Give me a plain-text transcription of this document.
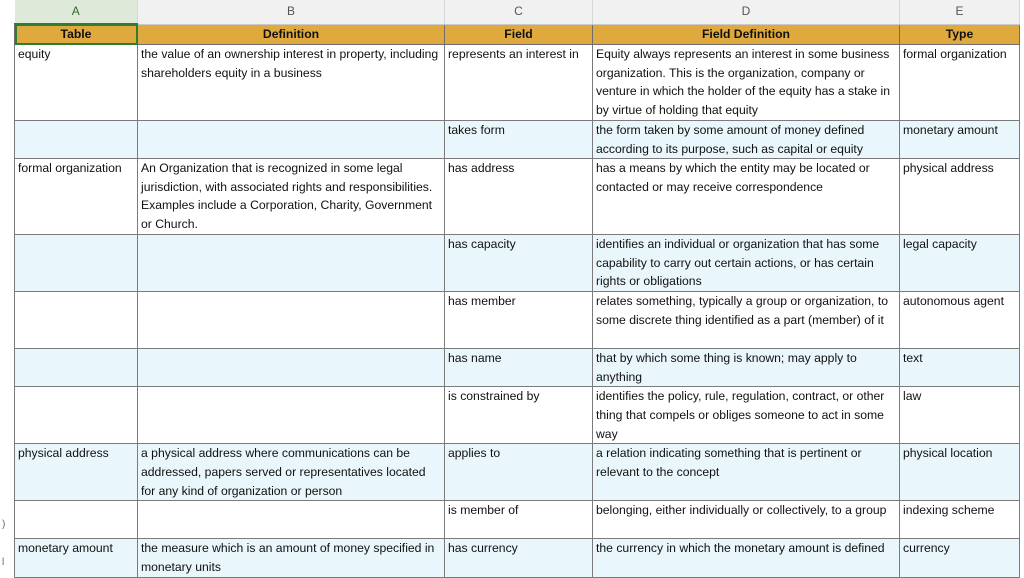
A	B	C	D	E
Table	Definition	Field	Field Definition	Type
equity	the value of an ownership interest in property, including shareholders equity in a business	represents an interest in	Equity always represents an interest in some business organization. This is the organization, company or venture in which the holder of the equity has a stake in by virtue of holding that equity	formal organization
		takes form	the form taken by some amount of money defined according to its purpose, such as capital or equity	monetary amount
formal organization	An Organization that is recognized in some legal jurisdiction, with associated rights and responsibilities. Examples include a Corporation, Charity, Government or Church.	has address	has a means by which the entity may be located or contacted or may receive correspondence	physical address
		has capacity	identifies an individual or organization that has some capability to carry out certain actions, or has certain rights or obligations	legal capacity
		has member	relates something, typically a group or organization, to some discrete thing identified as a part (member) of it	autonomous agent
		has name	that by which some thing is known; may apply to anything	text
		is constrained by	identifies the policy, rule, regulation, contract, or other thing that compels or obliges someone to act in some way	law
physical address	a physical address where communications can be addressed, papers served or representatives located for any kind of organization or person	applies to	a relation indicating something that is pertinent or relevant to the concept	physical location
		is member of	belonging, either individually or collectively, to a group	indexing scheme
monetary amount	the measure which is an amount of money specified in monetary units	has currency	the currency in which the monetary amount is defined	currency
)
l
